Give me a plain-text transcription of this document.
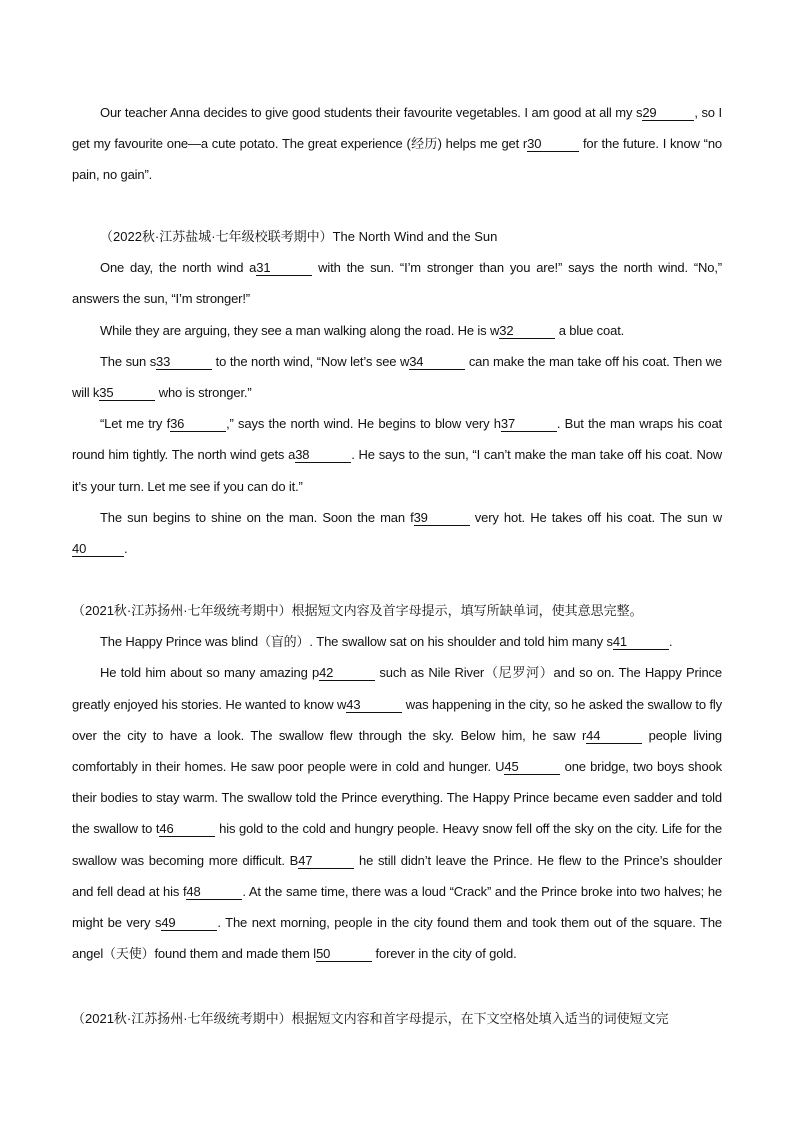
Our teacher Anna decides to give good students their favourite vegetables. I am good at all my s29	, so I get my favourite one—a cute potato. The great experience (经历) helps me get r30	for the future. I know “no pain, no gain”.

（2022秋·江苏盐城·七年级校联考期中）The North Wind and the Sun

One day, the north wind a31	with the sun. “I’m stronger than you are!” says the north wind. “No,” answers the sun, “I’m stronger!”

While they are arguing, they see a man walking along the road. He is w32	a blue coat.

The sun s33	to the north wind, “Now let’s see w34	can make the man take off his coat. Then we will k35	who is stronger.”

“Let me try f36	,” says the north wind. He begins to blow very h37	. But the man wraps his coat round him tightly. The north wind gets a38	. He says to the sun, “I can’t make the man take off his coat. Now it’s your turn. Let me see if you can do it.”

The sun begins to shine on the man. Soon the man f39	very hot. He takes off his coat. The sun w40	.

（2021秋·江苏扬州·七年级统考期中）根据短文内容及首字母提示，填写所缺单词，使其意思完整。

The Happy Prince was blind（盲的）. The swallow sat on his shoulder and told him many s41	.

He told him about so many amazing p42	such as Nile River（尼罗河）and so on. The Happy Prince greatly enjoyed his stories. He wanted to know w43	was happening in the city, so he asked the swallow to fly over the city to have a look. The swallow flew through the sky. Below him, he saw r44	people living comfortably in their homes. He saw poor people were in cold and hunger. U45	one bridge, two boys shook their bodies to stay warm. The swallow told the Prince everything. The Happy Prince became even sadder and told the swallow to t46	his gold to the cold and hungry people. Heavy snow fell off the sky on the city. Life for the swallow was becoming more difficult. B47	he still didn’t leave the Prince. He flew to the Prince’s shoulder and fell dead at his f48	. At the same time, there was a loud “Crack” and the Prince broke into two halves; he might be very s49	. The next morning, people in the city found them and took them out of the square. The angel（天使）found them and made them l50	forever in the city of gold.

（2021秋·江苏扬州·七年级统考期中）根据短文内容和首字母提示，在下文空格处填入适当的词使短文完
